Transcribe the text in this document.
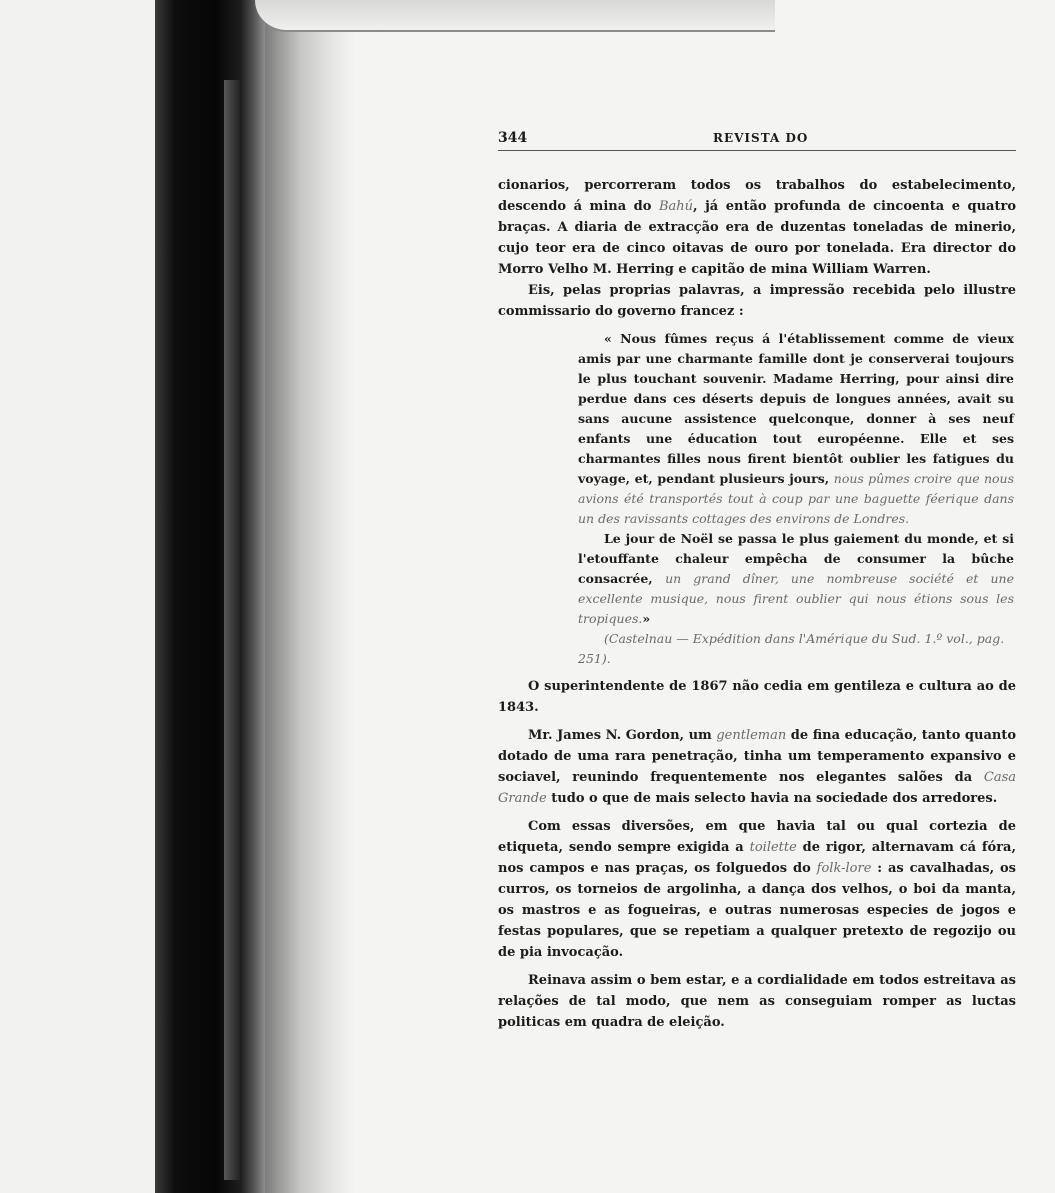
344	REVISTA DO

cionarios, percorreram todos os trabalhos do estabelecimento, descendo á mina do Bahú, já então profunda de cincoenta e quatro braças. A diaria de extracção era de duzentas toneladas de minerio, cujo teor era de cinco oitavas de ouro por tonelada. Era director do Morro Velho M. Herring e capitão de mina William Warren.

Eis, pelas proprias palavras, a impressão recebida pelo illustre commissario do governo francez :

« Nous fûmes reçus á l'établissement comme de vieux amis par une charmante famille dont je conserverai toujours le plus touchant souvenir. Madame Herring, pour ainsi dire perdue dans ces déserts depuis de longues années, avait su sans aucune assistence quelconque, donner à ses neuf enfants une éducation tout européenne. Elle et ses charmantes filles nous firent bientôt oublier les fatigues du voyage, et, pendant plusieurs jours, nous pûmes croire que nous avions été transportés tout à coup par une baguette féerique dans un des ravissants cottages des environs de Londres.

Le jour de Noël se passa le plus gaiement du monde, et si l'etouffante chaleur empêcha de consumer la bûche consacrée, un grand dîner, une nombreuse société et une excellente musique, nous firent oublier qui nous étions sous les tropiques.»

(Castelnau — Expédition dans l'Amérique du Sud. 1.º vol., pag. 251).

O superintendente de 1867 não cedia em gentileza e cultura ao de 1843.

Mr. James N. Gordon, um gentleman de fina educação, tanto quanto dotado de uma rara penetração, tinha um temperamento expansivo e sociavel, reunindo frequentemente nos elegantes salões da Casa Grande tudo o que de mais selecto havia na sociedade dos arredores.

Com essas diversões, em que havia tal ou qual cortezia de etiqueta, sendo sempre exigida a toilette de rigor, alternavam cá fóra, nos campos e nas praças, os folguedos do folk-lore : as cavalhadas, os curros, os torneios de argolinha, a dança dos velhos, o boi da manta, os mastros e as fogueiras, e outras numerosas especies de jogos e festas populares, que se repetiam a qualquer pretexto de regozijo ou de pia invocação.

Reinava assim o bem estar, e a cordialidade em todos estreitava as relações de tal modo, que nem as conseguiam romper as luctas politicas em quadra de eleição.
